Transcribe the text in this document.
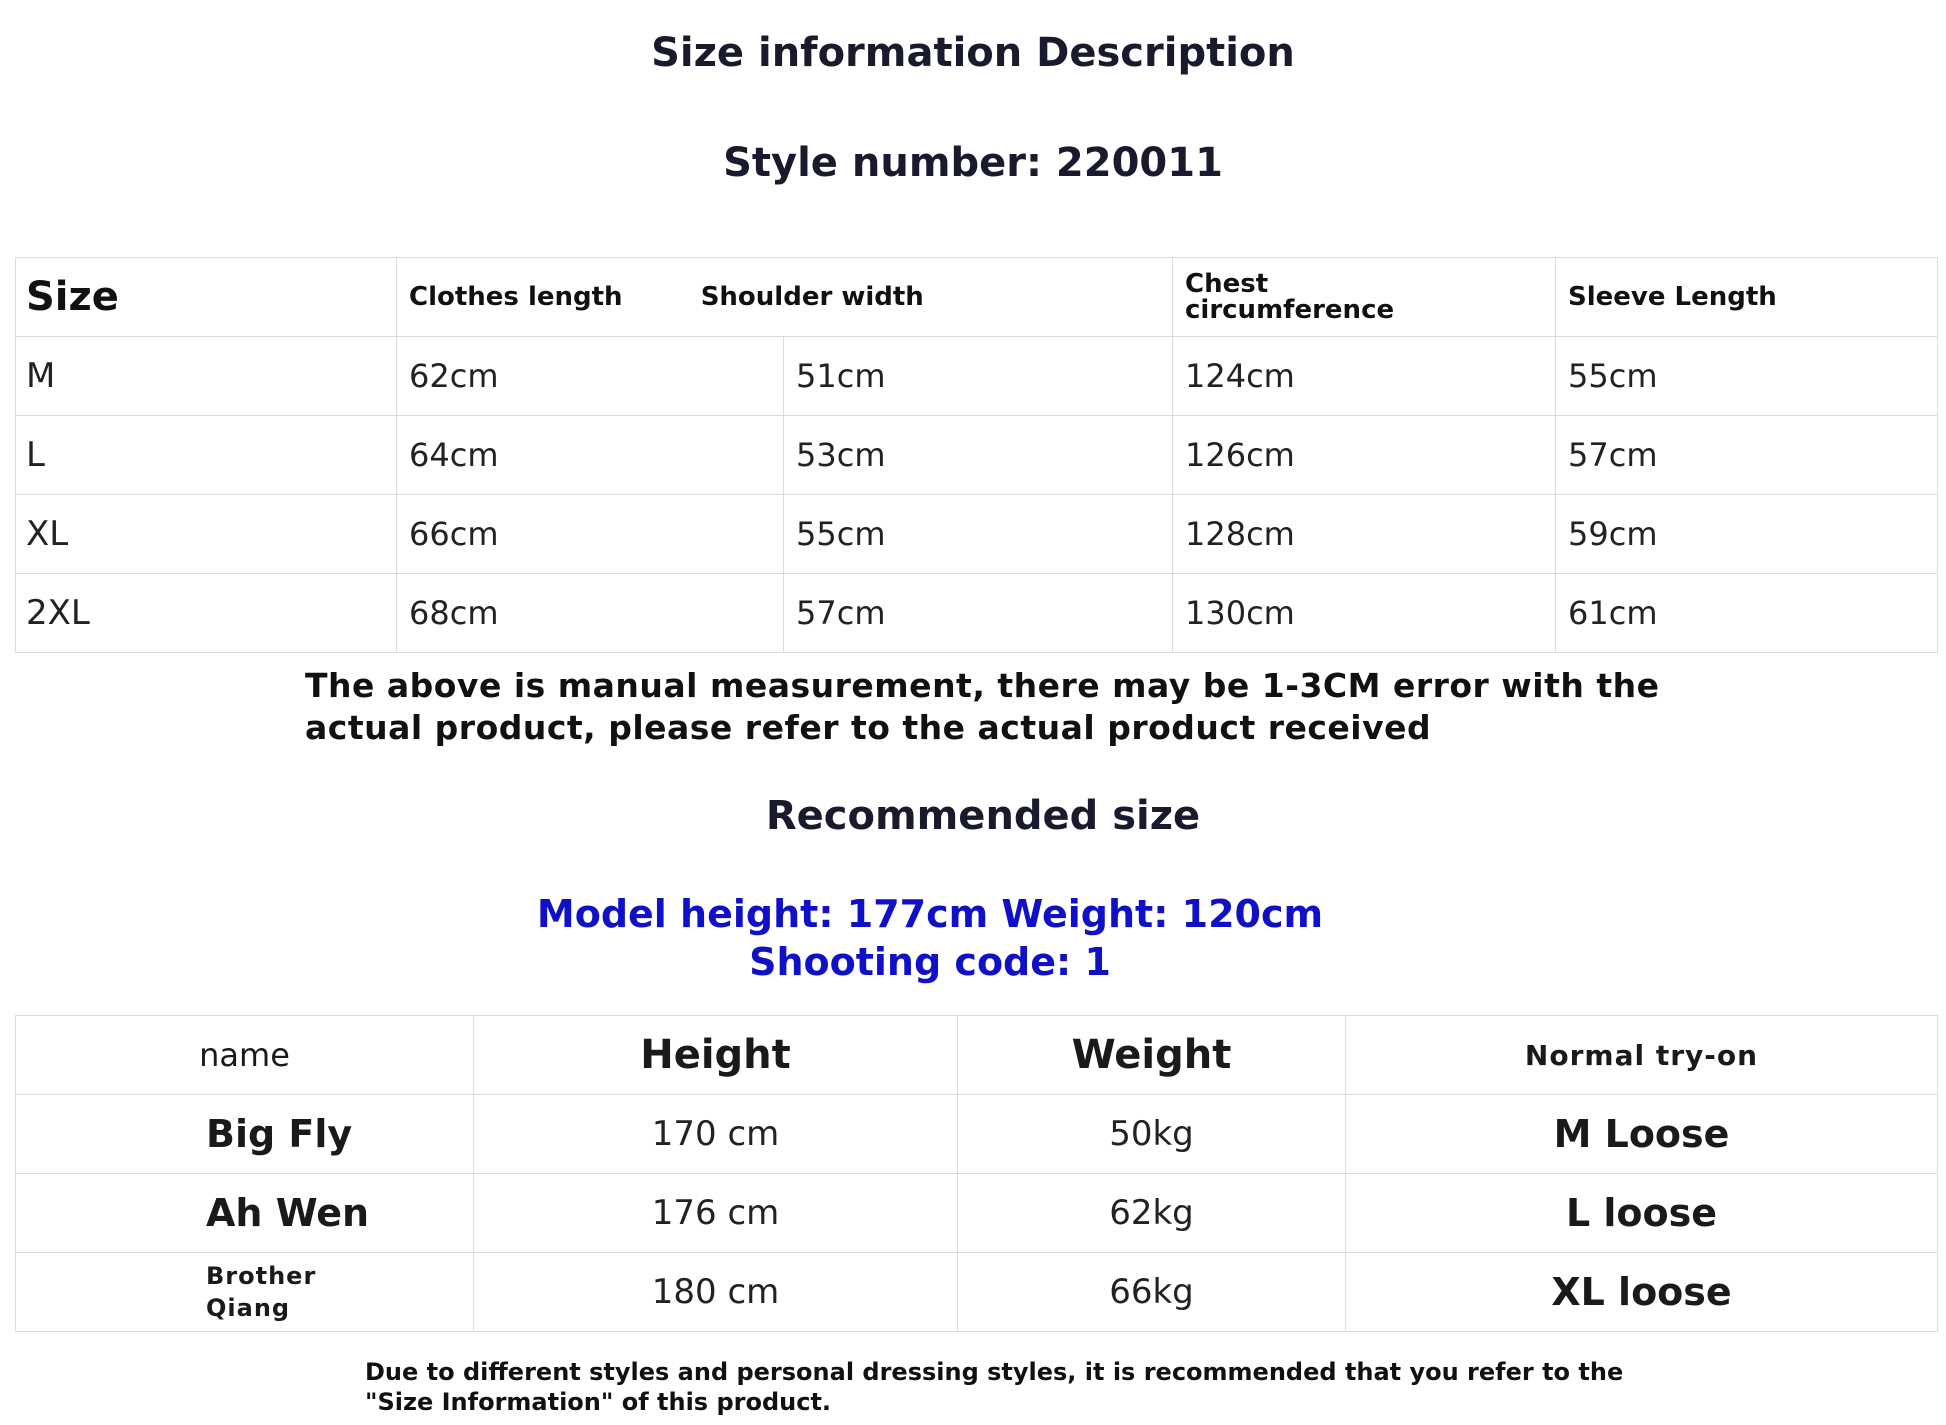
Size information Description
Style number: 220011
Size	Clothes length Shoulder width		Chest circumference	Sleeve Length
M	62cm	51cm	124cm	55cm
L	64cm	53cm	126cm	57cm
XL	66cm	55cm	128cm	59cm
2XL	68cm	57cm	130cm	61cm
The above is manual measurement, there may be 1-3CM error with the actual product, please refer to the actual product received
Recommended size
Model height: 177cm Weight: 120cm
Shooting code: 1
name	Height	Weight	Normal try-on
Big Fly	170 cm	50kg	M Loose
Ah Wen	176 cm	62kg	L loose

Brother Qiang	180 cm	66kg	XL loose
Due to different styles and personal dressing styles, it is recommended that you refer to the "Size Information" of this product.
